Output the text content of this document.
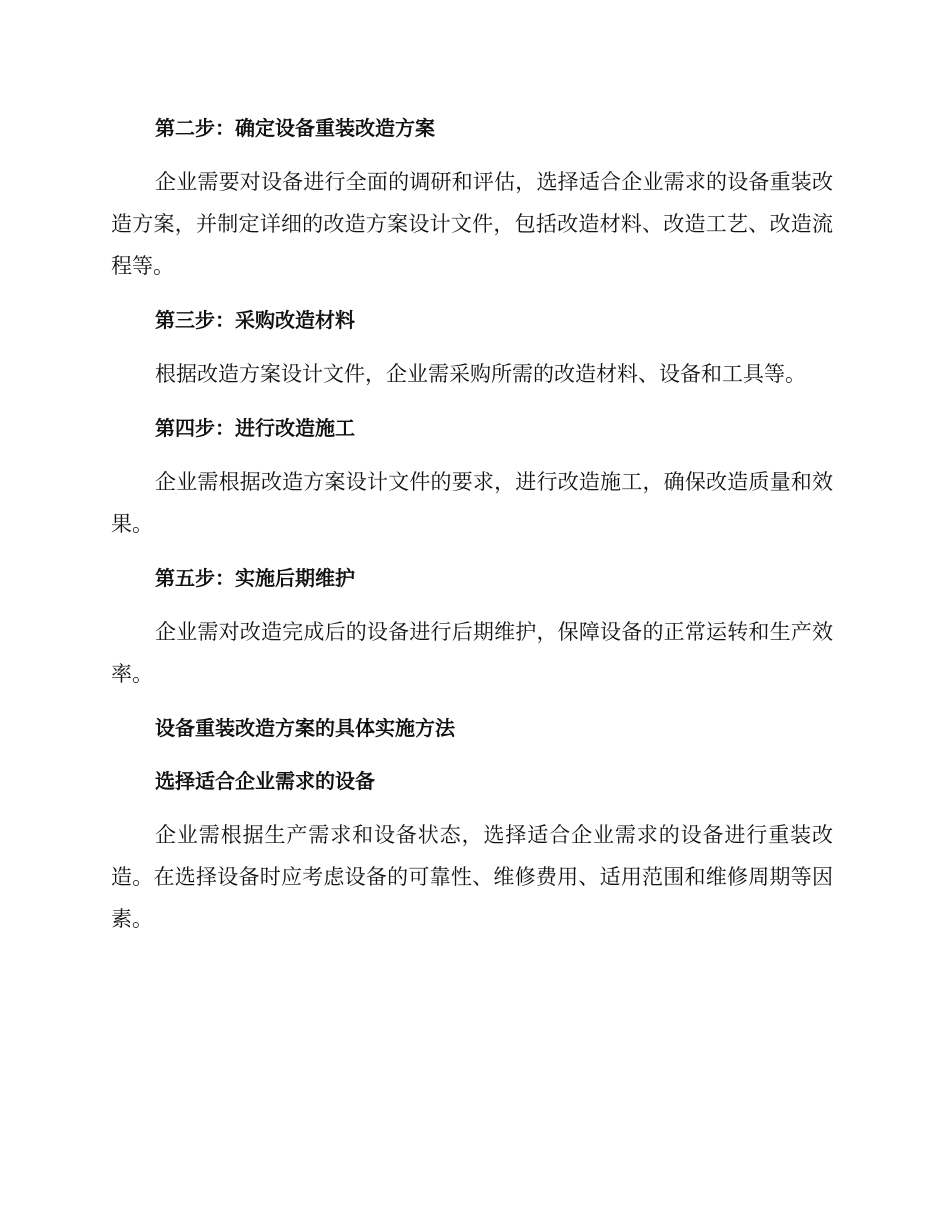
第二步：确定设备重装改造方案

企业需要对设备进行全面的调研和评估，选择适合企业需求的设备重装改造方案，并制定详细的改造方案设计文件，包括改造材料、改造工艺、改造流程等。

第三步：采购改造材料

根据改造方案设计文件，企业需采购所需的改造材料、设备和工具等。

第四步：进行改造施工

企业需根据改造方案设计文件的要求，进行改造施工，确保改造质量和效果。

第五步：实施后期维护

企业需对改造完成后的设备进行后期维护，保障设备的正常运转和生产效率。

设备重装改造方案的具体实施方法
选择适合企业需求的设备

企业需根据生产需求和设备状态，选择适合企业需求的设备进行重装改造。在选择设备时应考虑设备的可靠性、维修费用、适用范围和维修周期等因素。
